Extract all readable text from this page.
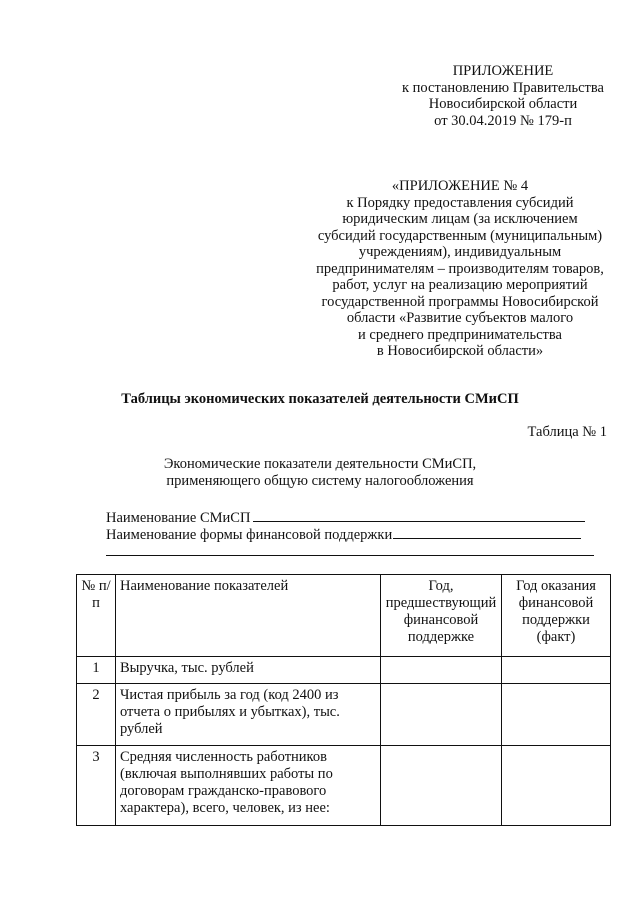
ПРИЛОЖЕНИЕ
к постановлению Правительства
Новосибирской области
от 30.04.2019 № 179-п
«ПРИЛОЖЕНИЕ № 4
к Порядку предоставления субсидий
юридическим лицам (за исключением
субсидий государственным (муниципальным)
учреждениям), индивидуальным
предпринимателям – производителям товаров,
работ, услуг на реализацию мероприятий
государственной программы Новосибирской
области «Развитие субъектов малого
и среднего предпринимательства
в Новосибирской области»
Таблицы экономических показателей деятельности СМиСП
Таблица № 1
Экономические показатели деятельности СМиСП,
применяющего общую систему налогообложения
Наименование СМиСП
Наименование формы финансовой поддержки
№ п/п	Наименование показателей	Год, предшествующий финансовой поддержке	Год оказания финансовой поддержки (факт)
1	Выручка, тыс. рублей		
2	Чистая прибыль за год (код 2400 из отчета о прибылях и убытках), тыс. рублей		
3	Средняя численность работников (включая выполнявших работы по договорам гражданско-правового характера), всего, человек, из нее:		
